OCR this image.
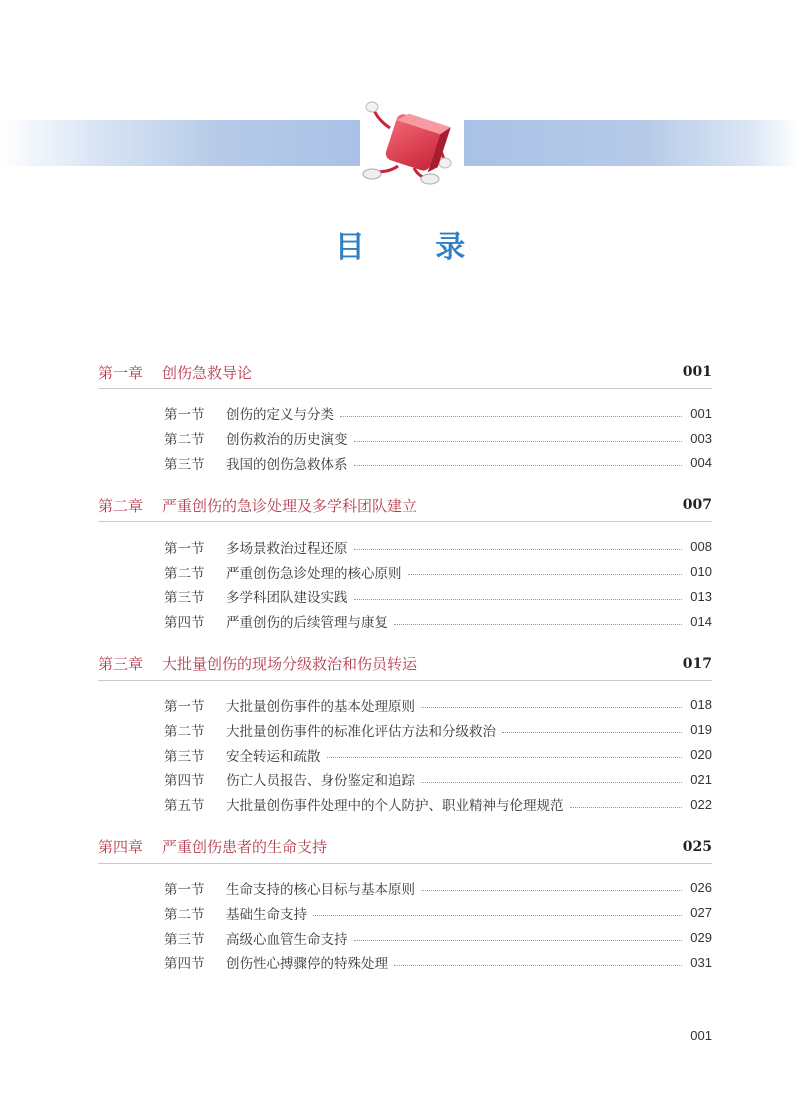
目 录
第一章	创伤急救导论	001
第一节	创伤的定义与分类	001
第二节	创伤救治的历史演变	003
第三节	我国的创伤急救体系	004
第二章	严重创伤的急诊处理及多学科团队建立	007
第一节	多场景救治过程还原	008
第二节	严重创伤急诊处理的核心原则	010
第三节	多学科团队建设实践	013
第四节	严重创伤的后续管理与康复	014
第三章	大批量创伤的现场分级救治和伤员转运	017
第一节	大批量创伤事件的基本处理原则	018
第二节	大批量创伤事件的标准化评估方法和分级救治	019
第三节	安全转运和疏散	020
第四节	伤亡人员报告、身份鉴定和追踪	021
第五节	大批量创伤事件处理中的个人防护、职业精神与伦理规范	022
第四章	严重创伤患者的生命支持	025
第一节	生命支持的核心目标与基本原则	026
第二节	基础生命支持	027
第三节	高级心血管生命支持	029
第四节	创伤性心搏骤停的特殊处理	031
001
